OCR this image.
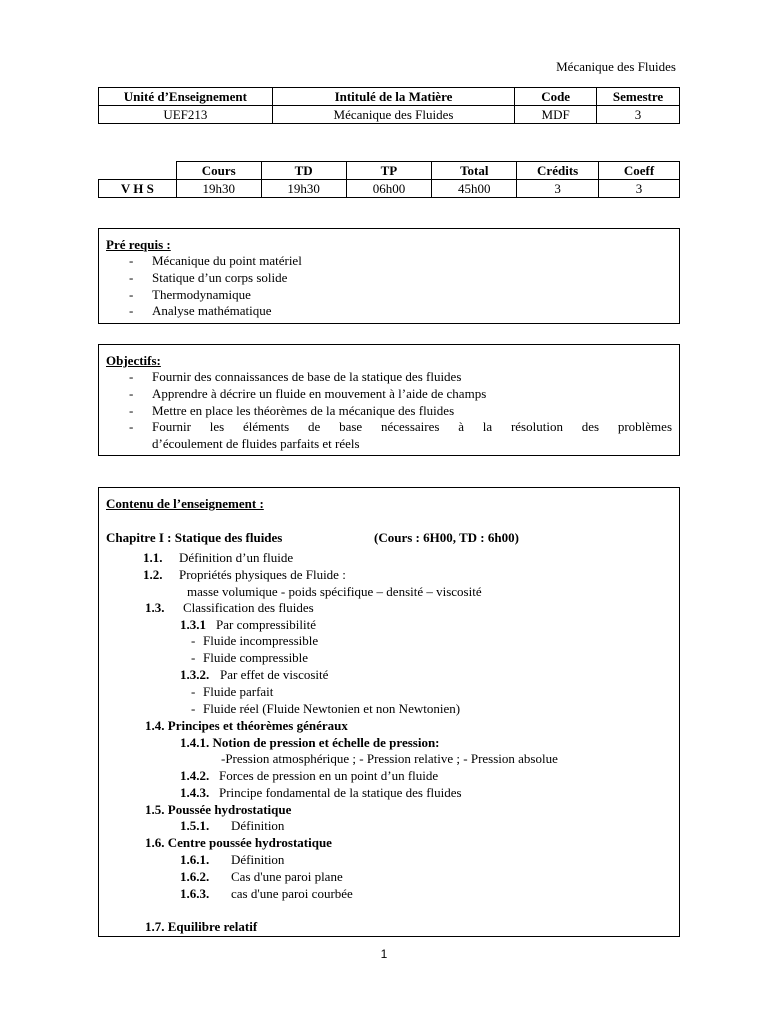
Mécanique des Fluides
Unité d’Enseignement	Intitulé de la Matière	Code	Semestre
UEF213	Mécanique des Fluides	MDF	3
	Cours	TD	TP	Total	Crédits	Coeff
V H S	19h30	19h30	06h00	45h00	3	3
Pré requis :
- Mécanique du point matériel
- Statique d’un corps solide
- Thermodynamique
- Analyse mathématique
Objectifs:
- Fournir des connaissances de base de la statique des fluides
- Apprendre à décrire un fluide en mouvement à l’aide de champs
- Mettre en place les théorèmes de la mécanique des fluides
- Fournir les éléments de base nécessaires à la résolution des problèmes
d’écoulement de fluides parfaits et réels
Contenu de l’enseignement :
Chapitre I : Statique des fluides	(Cours : 6H00, TD : 6h00)
1.1. Définition d’un fluide
1.2. Propriétés physiques de Fluide :
masse volumique - poids spécifique – densité – viscosité
1.3. Classification des fluides
1.3.1 Par compressibilité
- Fluide incompressible
- Fluide compressible
1.3.2. Par effet de viscosité
- Fluide parfait
- Fluide réel (Fluide Newtonien et non Newtonien)
1.4. Principes et théorèmes généraux
1.4.1. Notion de pression et échelle de pression:
-Pression atmosphérique ; - Pression relative ; - Pression absolue
1.4.2. Forces de pression en un point d’un fluide
1.4.3. Principe fondamental de la statique des fluides
1.5. Poussée hydrostatique
1.5.1. Définition
1.6. Centre poussée hydrostatique
1.6.1. Définition
1.6.2. Cas d'une paroi plane
1.6.3. cas d'une paroi courbée
1.7. Equilibre relatif
1
